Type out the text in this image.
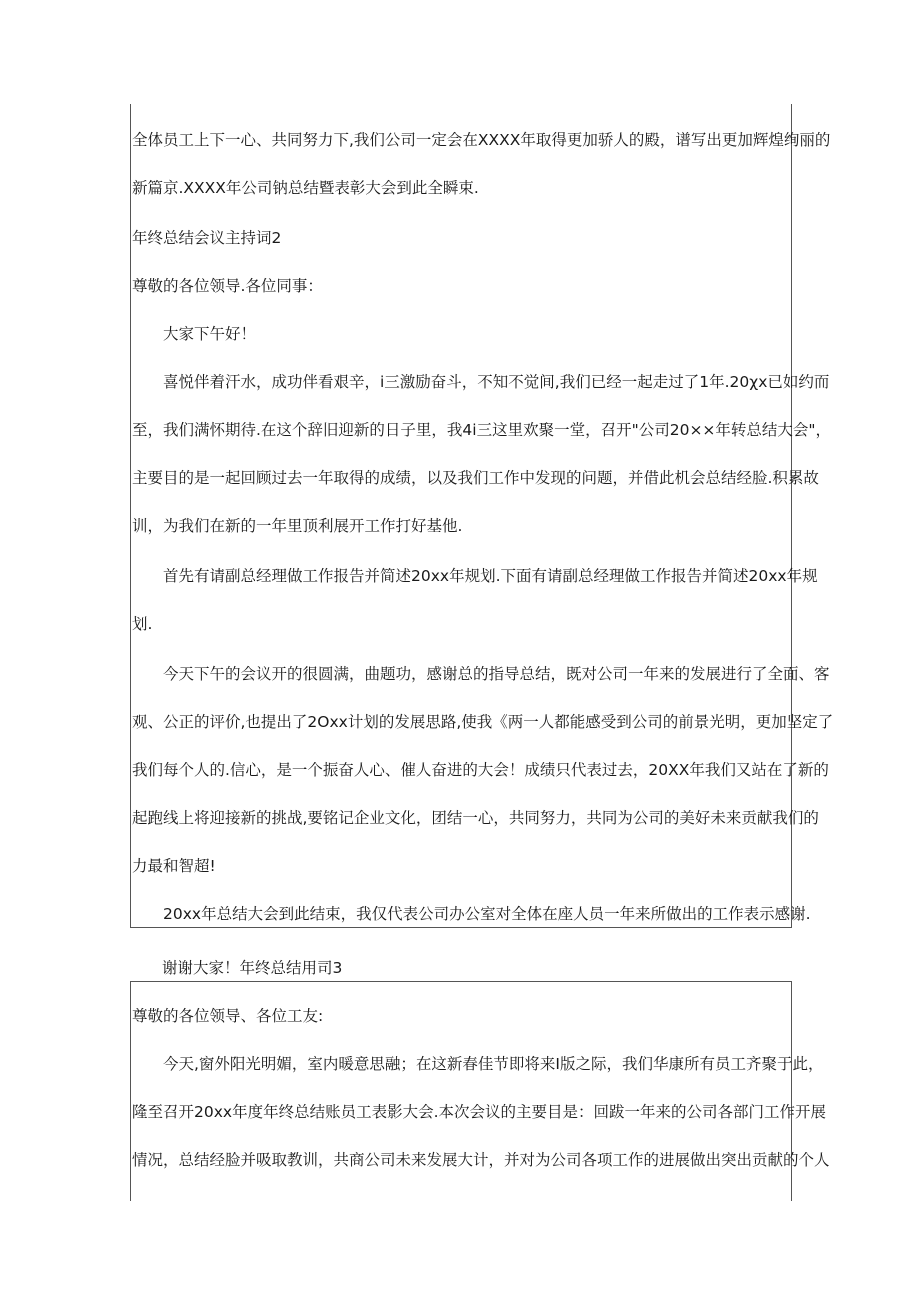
全体员工上下一心、共同努力下,我们公司一定会在XXXX年取得更加骄人的殿，谱写出更加辉煌绚丽的
新篇京.XXXX年公司钠总结暨表彰大会到此全瞬束.
年终总结会议主持词2
尊敬的各位领导.各位同事：
大家下午好！
喜悦伴着汗水，成功伴看艰辛，i三激励奋斗，不知不觉间,我们已经一起走过了1年.20χx已如约而
至，我们满怀期待.在这个辞旧迎新的日子里，我4i三这里欢聚一堂，召开"公司20××年转总结大会"，
主要目的是一起回顾过去一年取得的成绩，以及我们工作中发现的问题，并借此机会总结经脸.积累故
训，为我们在新的一年里顶利展开工作打好基他.
首先有请副总经理做工作报告并简述20xx年规划.下面有请副总经理做工作报告并简述20xx年规
划.
今天下午的会议开的很圆满，曲题功，感谢总的指导总结，既对公司一年来的发展进行了全面、客
观、公正的评价,也提出了2Oxx计划的发展思路,使我《两一人都能感受到公司的前景光明，更加坚定了
我们每个人的.信心，是一个振奋人心、催人奋进的大会！成绩只代表过去，20XX年我们又站在了新的
起跑线上将迎接新的挑战,要铭记企业文化，团结一心，共同努力，共同为公司的美好未来贡献我们的
力最和智超!
20xx年总结大会到此结束，我仅代表公司办公室对全体在座人员一年来所做出的工作表示感谢.
谢谢大家！年终总结用司3
尊敬的各位领导、各位工友:
今天,窗外阳光明媚，室内暖意思融；在这新春佳节即将来I版之际，我们华康所有员工齐聚于此，
隆至召开20xx年度年终总结账员工表影大会.本次会议的主要目是：回跋一年来的公司各部门工作开展
情况，总结经脸并吸取教训，共商公司未来发展大计，并对为公司各项工作的进展做出突出贡献的个人
